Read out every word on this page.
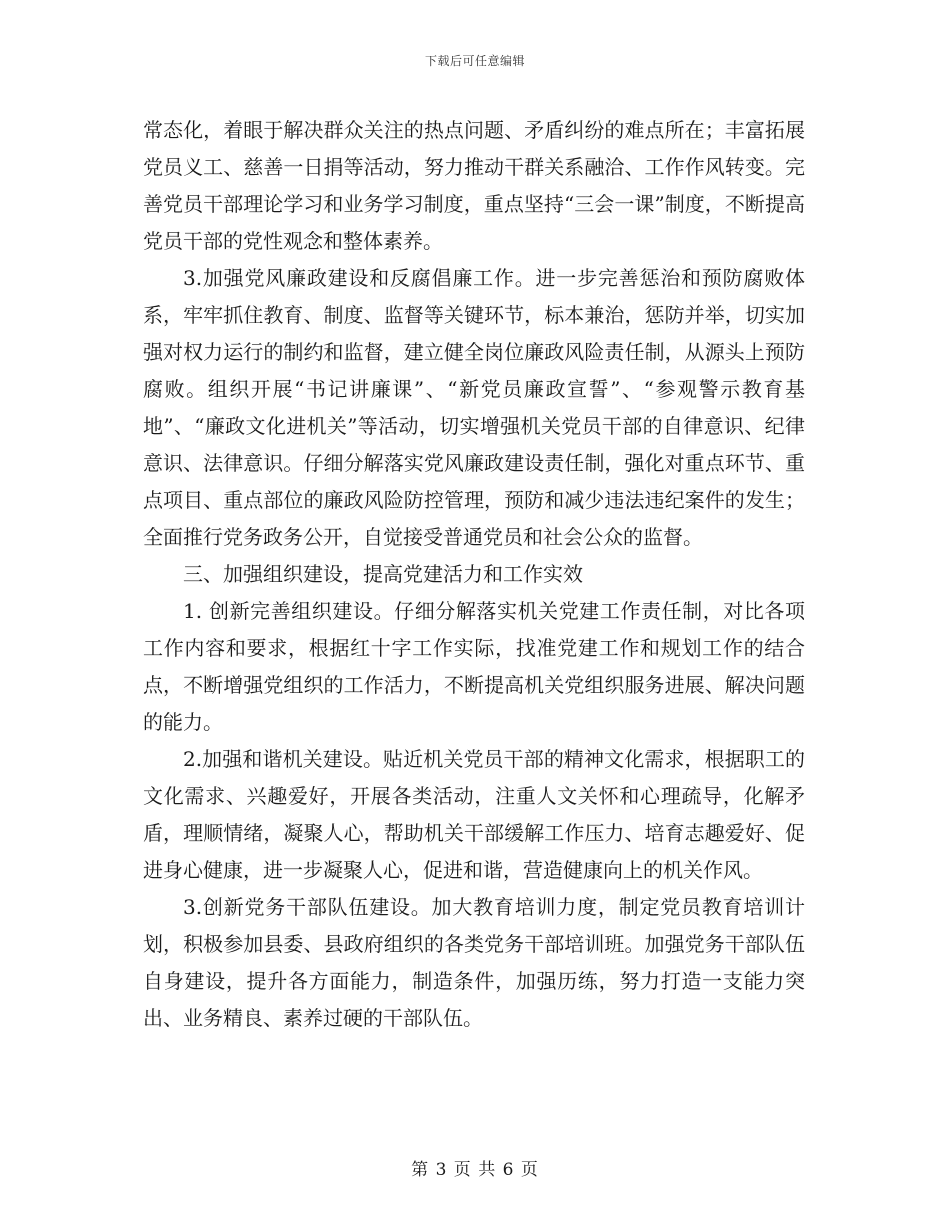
下载后可任意编辑

常态化，着眼于解决群众关注的热点问题、矛盾纠纷的难点所在；丰富拓展党员义工、慈善一日捐等活动，努力推动干群关系融洽、工作作风转变。完善党员干部理论学习和业务学习制度，重点坚持“三会一课”制度，不断提高党员干部的党性观念和整体素养。

3.加强党风廉政建设和反腐倡廉工作。进一步完善惩治和预防腐败体系，牢牢抓住教育、制度、监督等关键环节，标本兼治，惩防并举，切实加强对权力运行的制约和监督，建立健全岗位廉政风险责任制，从源头上预防腐败。组织开展“书记讲廉课”、“新党员廉政宣誓”、“参观警示教育基地”、“廉政文化进机关”等活动，切实增强机关党员干部的自律意识、纪律意识、法律意识。仔细分解落实党风廉政建设责任制，强化对重点环节、重点项目、重点部位的廉政风险防控管理，预防和减少违法违纪案件的发生；全面推行党务政务公开，自觉接受普通党员和社会公众的监督。

三、加强组织建设，提高党建活力和工作实效

1. 创新完善组织建设。仔细分解落实机关党建工作责任制，对比各项工作内容和要求，根据红十字工作实际，找准党建工作和规划工作的结合点，不断增强党组织的工作活力，不断提高机关党组织服务进展、解决问题的能力。

2.加强和谐机关建设。贴近机关党员干部的精神文化需求，根据职工的文化需求、兴趣爱好，开展各类活动，注重人文关怀和心理疏导，化解矛盾，理顺情绪，凝聚人心，帮助机关干部缓解工作压力、培育志趣爱好、促进身心健康，进一步凝聚人心，促进和谐，营造健康向上的机关作风。

3.创新党务干部队伍建设。加大教育培训力度，制定党员教育培训计划，积极参加县委、县政府组织的各类党务干部培训班。加强党务干部队伍自身建设，提升各方面能力，制造条件，加强历练，努力打造一支能力突出、业务精良、素养过硬的干部队伍。

第 3 页 共 6 页
